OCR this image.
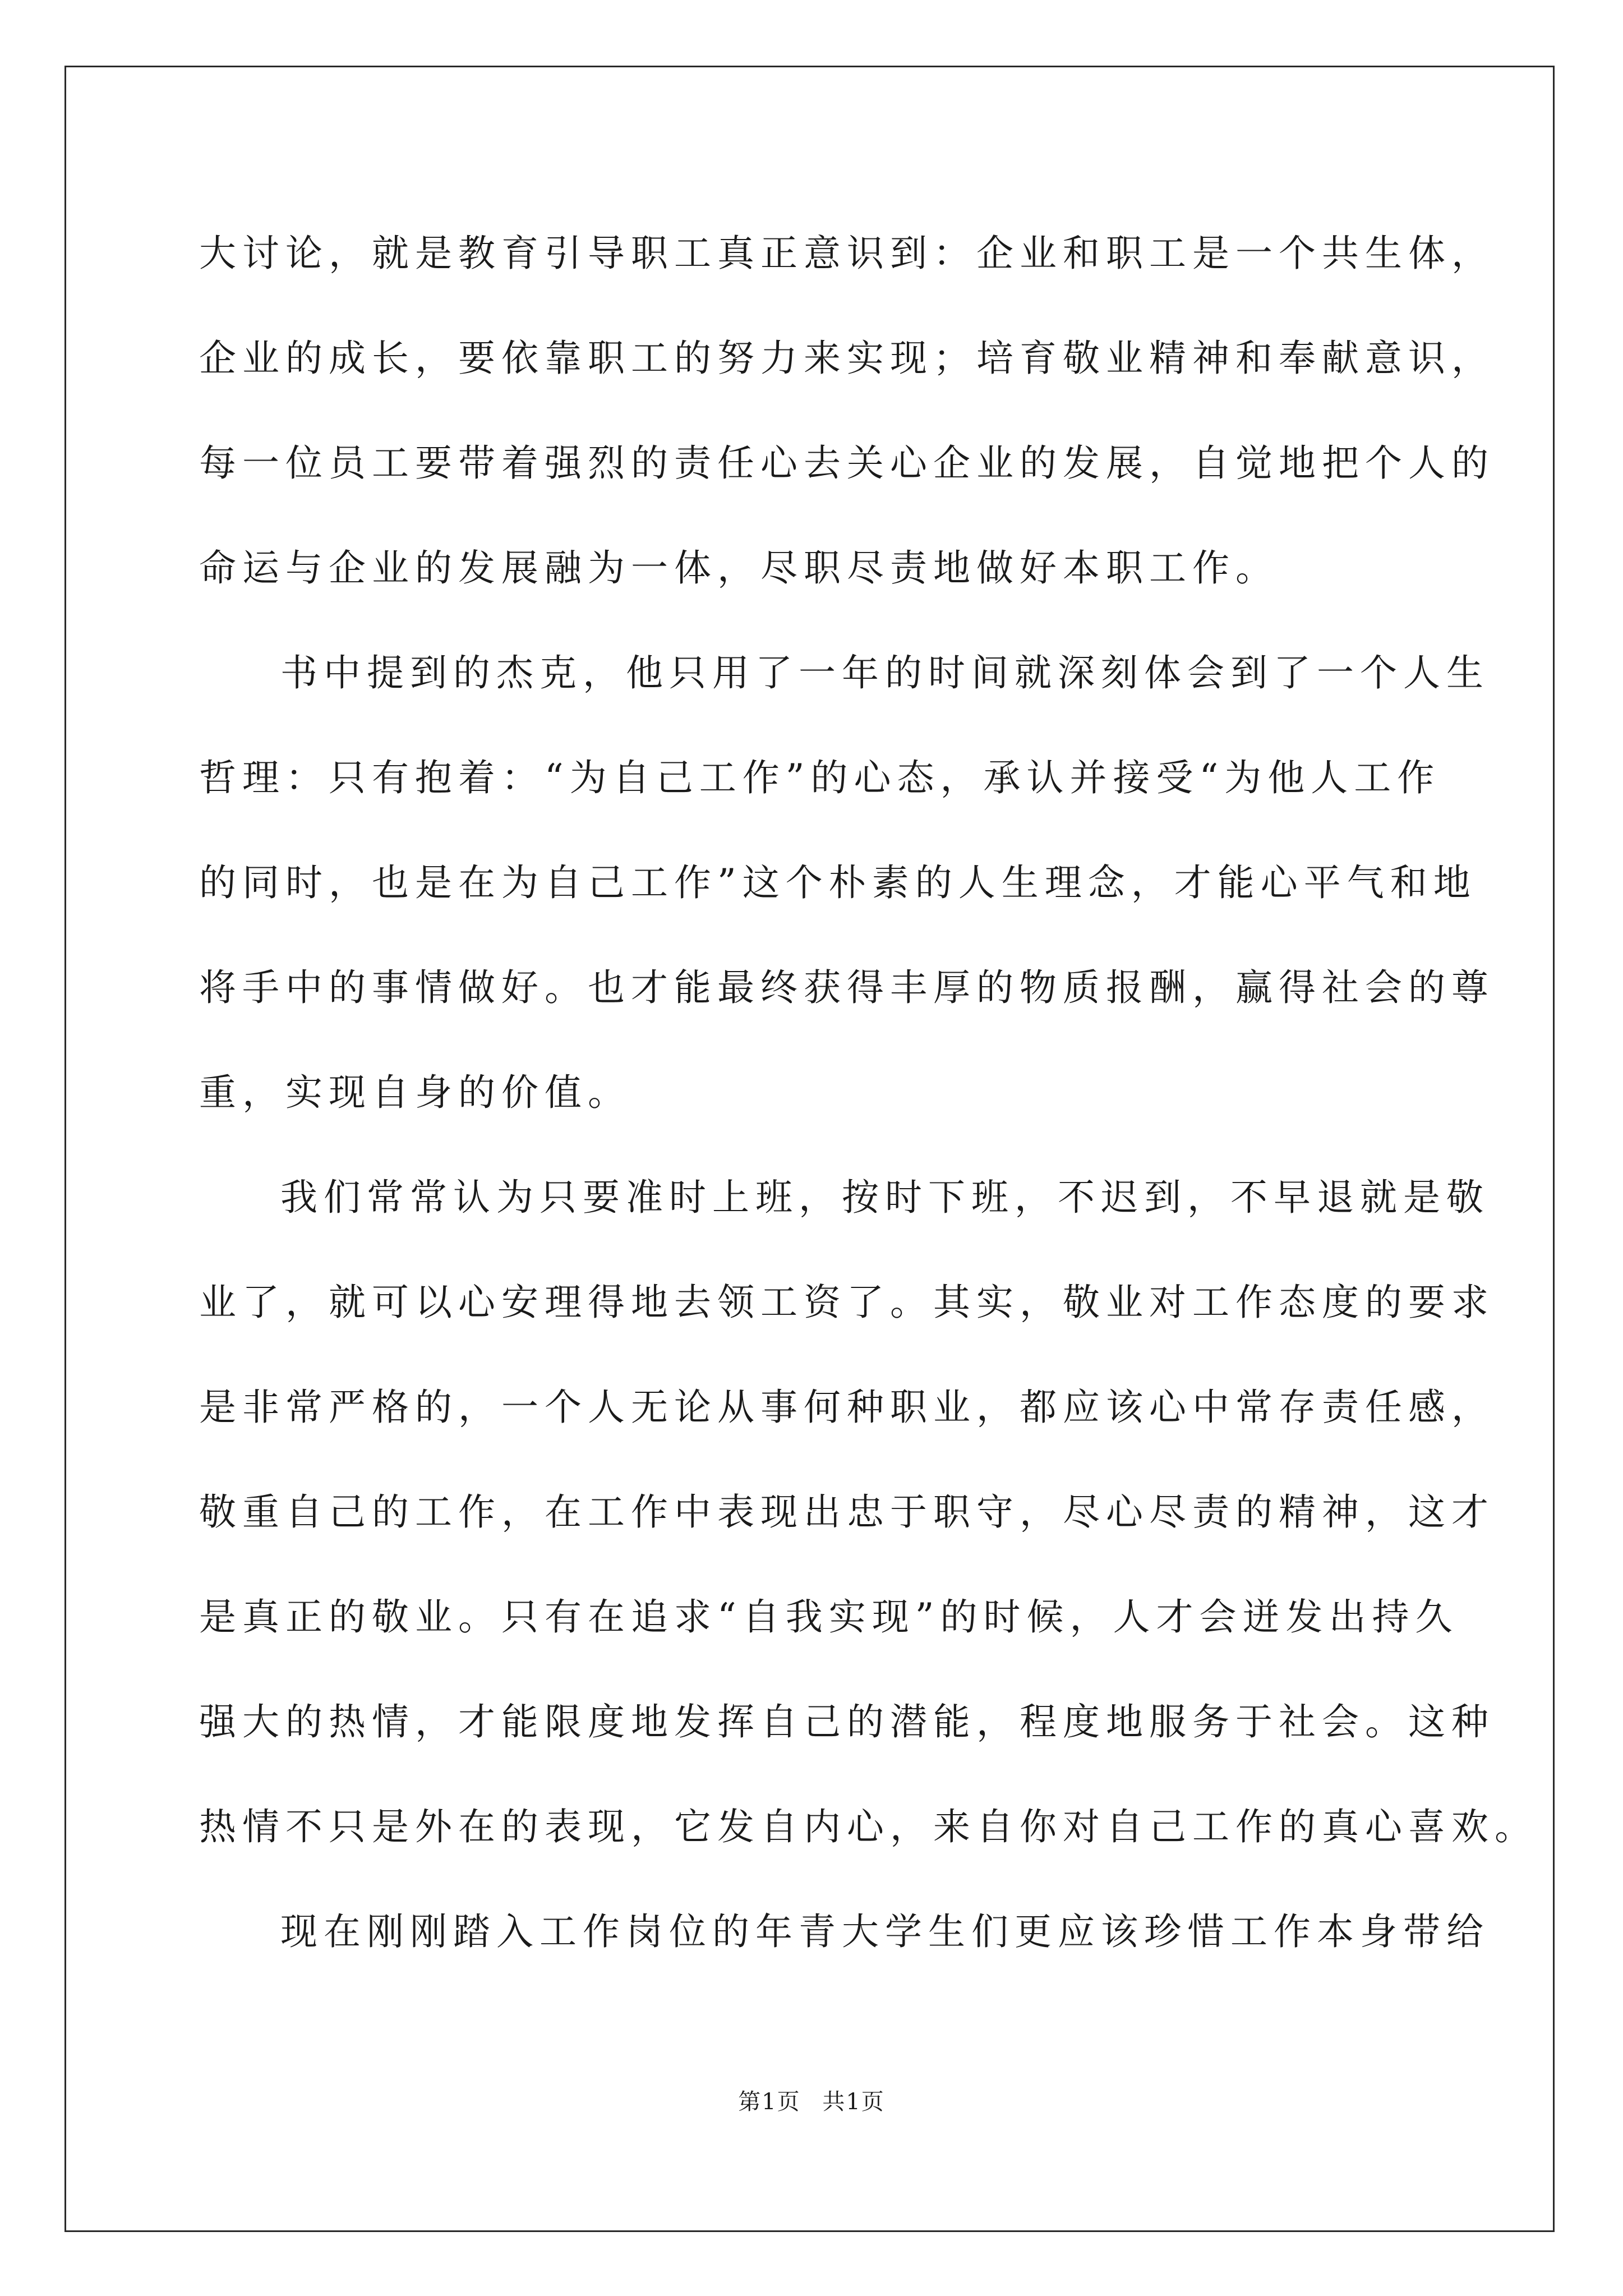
大讨论，就是教育引导职工真正意识到：企业和职工是一个共生体，
企业的成长，要依靠职工的努力来实现；培育敬业精神和奉献意识，
每一位员工要带着强烈的责任心去关心企业的发展，自觉地把个人的
命运与企业的发展融为一体，尽职尽责地做好本职工作。
书中提到的杰克，他只用了一年的时间就深刻体会到了一个人生
哲理：只有抱着：“为自己工作”的心态，承认并接受“为他人工作
的同时，也是在为自己工作”这个朴素的人生理念，才能心平气和地
将手中的事情做好。也才能最终获得丰厚的物质报酬，赢得社会的尊
重，实现自身的价值。
我们常常认为只要准时上班，按时下班，不迟到，不早退就是敬
业了，就可以心安理得地去领工资了。其实，敬业对工作态度的要求
是非常严格的，一个人无论从事何种职业，都应该心中常存责任感，
敬重自己的工作，在工作中表现出忠于职守，尽心尽责的精神，这才
是真正的敬业。只有在追求“自我实现”的时候，人才会迸发出持久
强大的热情，才能限度地发挥自己的潜能，程度地服务于社会。这种
热情不只是外在的表现，它发自内心，来自你对自己工作的真心喜欢。
现在刚刚踏入工作岗位的年青大学生们更应该珍惜工作本身带给
第1页 共1页
